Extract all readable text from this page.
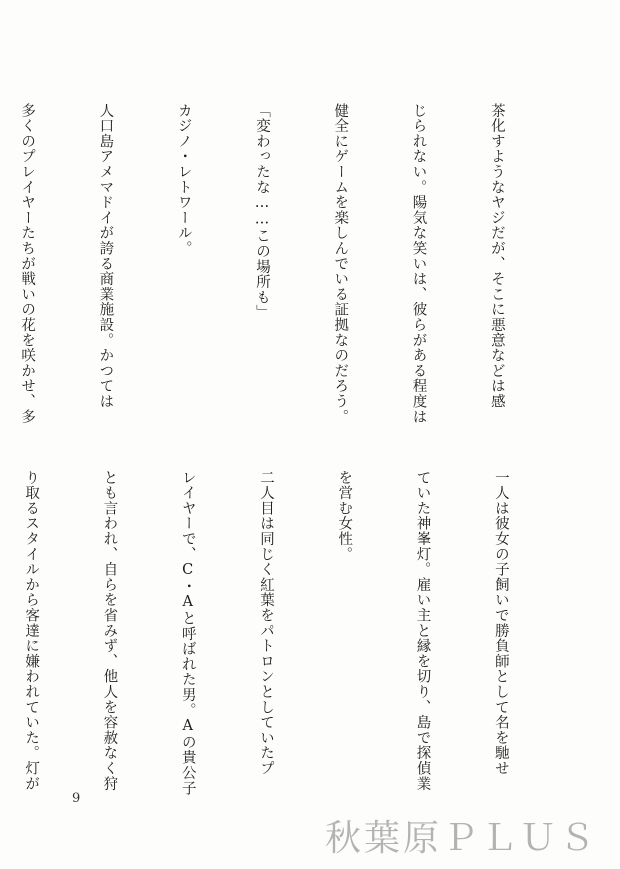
茶化すようなヤジだが、そこに悪意などは感

じられない。陽気な笑いは、彼らがある程度は

健全にゲームを楽しんでいる証拠なのだろう。

「変わったな……この場所も」

カジノ・レトワール。

人口島アメマドイが誇る商業施設。かつては

多くのプレイヤーたちが戦いの花を咲かせ、多

一人は彼女の子飼いで勝負師として名を馳せ

ていた神峯灯。雇い主と縁を切り、島で探偵業

を営む女性。

二人目は同じく紅葉をパトロンとしていたプ

レイヤーで、C・Aと呼ばれた男。Aの貴公子

とも言われ、自らを省みず、他人を容赦なく狩

り取るスタイルから客達に嫌われていた。灯が

9
秋葉原ＰＬＵＳ
